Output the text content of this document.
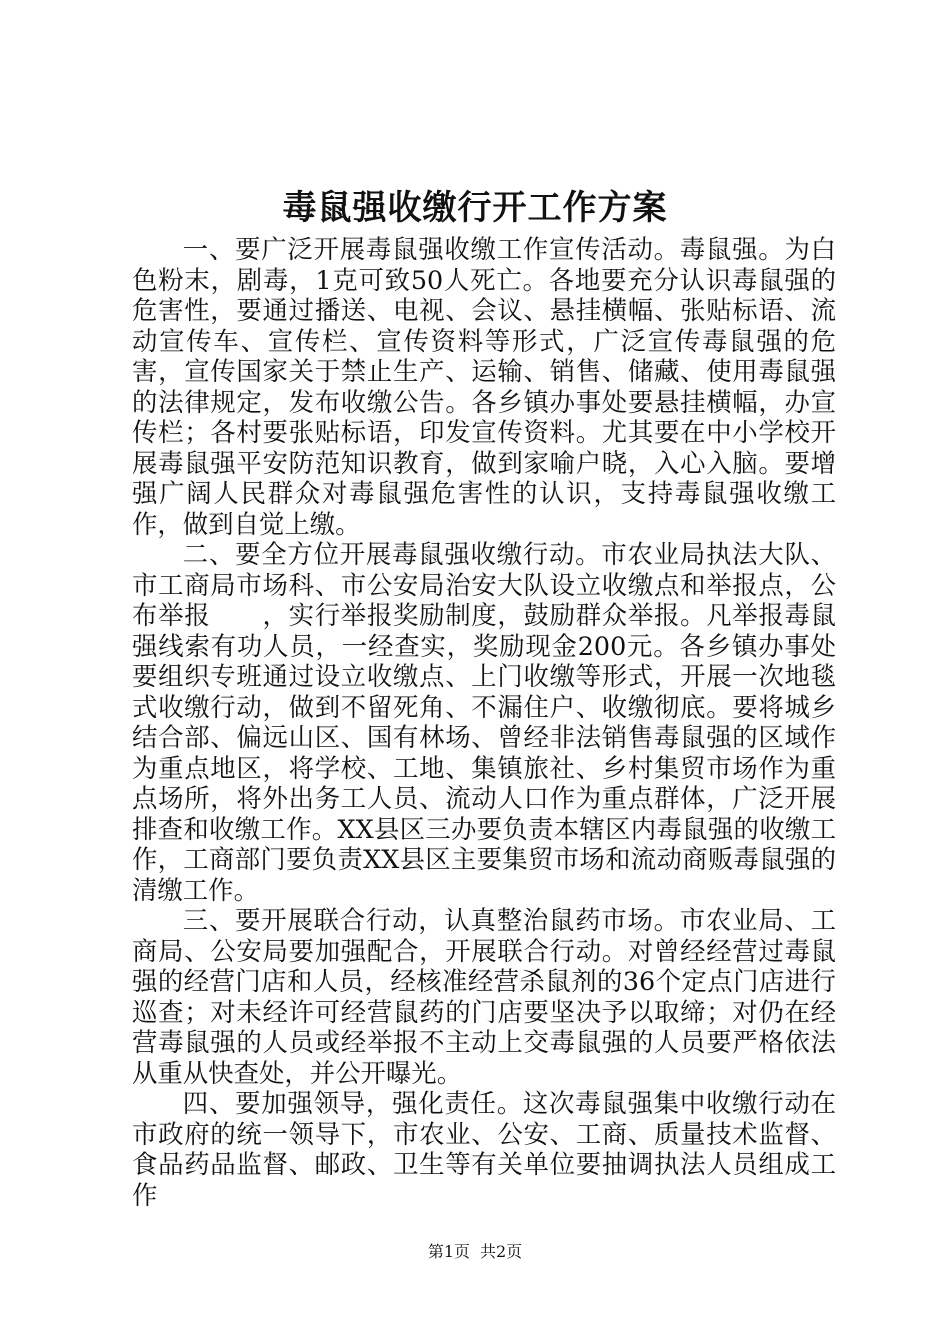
毒鼠强收缴行开工作方案

一、要广泛开展毒鼠强收缴工作宣传活动。毒鼠强。为白色粉末，剧毒，1克可致50人死亡。各地要充分认识毒鼠强的危害性，要通过播送、电视、会议、悬挂横幅、张贴标语、流动宣传车、宣传栏、宣传资料等形式，广泛宣传毒鼠强的危害，宣传国家关于禁止生产、运输、销售、储藏、使用毒鼠强的法律规定，发布收缴公告。各乡镇办事处要悬挂横幅，办宣传栏；各村要张贴标语，印发宣传资料。尤其要在中小学校开展毒鼠强平安防范知识教育，做到家喻户晓，入心入脑。要增强广阔人民群众对毒鼠强危害性的认识，支持毒鼠强收缴工作，做到自觉上缴。

二、要全方位开展毒鼠强收缴行动。市农业局执法大队、市工商局市场科、市公安局治安大队设立收缴点和举报点，公布举报　　，实行举报奖励制度，鼓励群众举报。凡举报毒鼠强线索有功人员，一经查实，奖励现金200元。各乡镇办事处要组织专班通过设立收缴点、上门收缴等形式，开展一次地毯式收缴行动，做到不留死角、不漏住户、收缴彻底。要将城乡结合部、偏远山区、国有林场、曾经非法销售毒鼠强的区域作为重点地区，将学校、工地、集镇旅社、乡村集贸市场作为重点场所，将外出务工人员、流动人口作为重点群体，广泛开展排查和收缴工作。XX县区三办要负责本辖区内毒鼠强的收缴工作，工商部门要负责XX县区主要集贸市场和流动商贩毒鼠强的清缴工作。

三、要开展联合行动，认真整治鼠药市场。市农业局、工商局、公安局要加强配合，开展联合行动。对曾经经营过毒鼠强的经营门店和人员，经核准经营杀鼠剂的36个定点门店进行巡查；对未经许可经营鼠药的门店要坚决予以取缔；对仍在经营毒鼠强的人员或经举报不主动上交毒鼠强的人员要严格依法从重从快查处，并公开曝光。

四、要加强领导，强化责任。这次毒鼠强集中收缴行动在市政府的统一领导下，市农业、公安、工商、质量技术监督、食品药品监督、邮政、卫生等有关单位要抽调执法人员组成工作

第1页 共2页
